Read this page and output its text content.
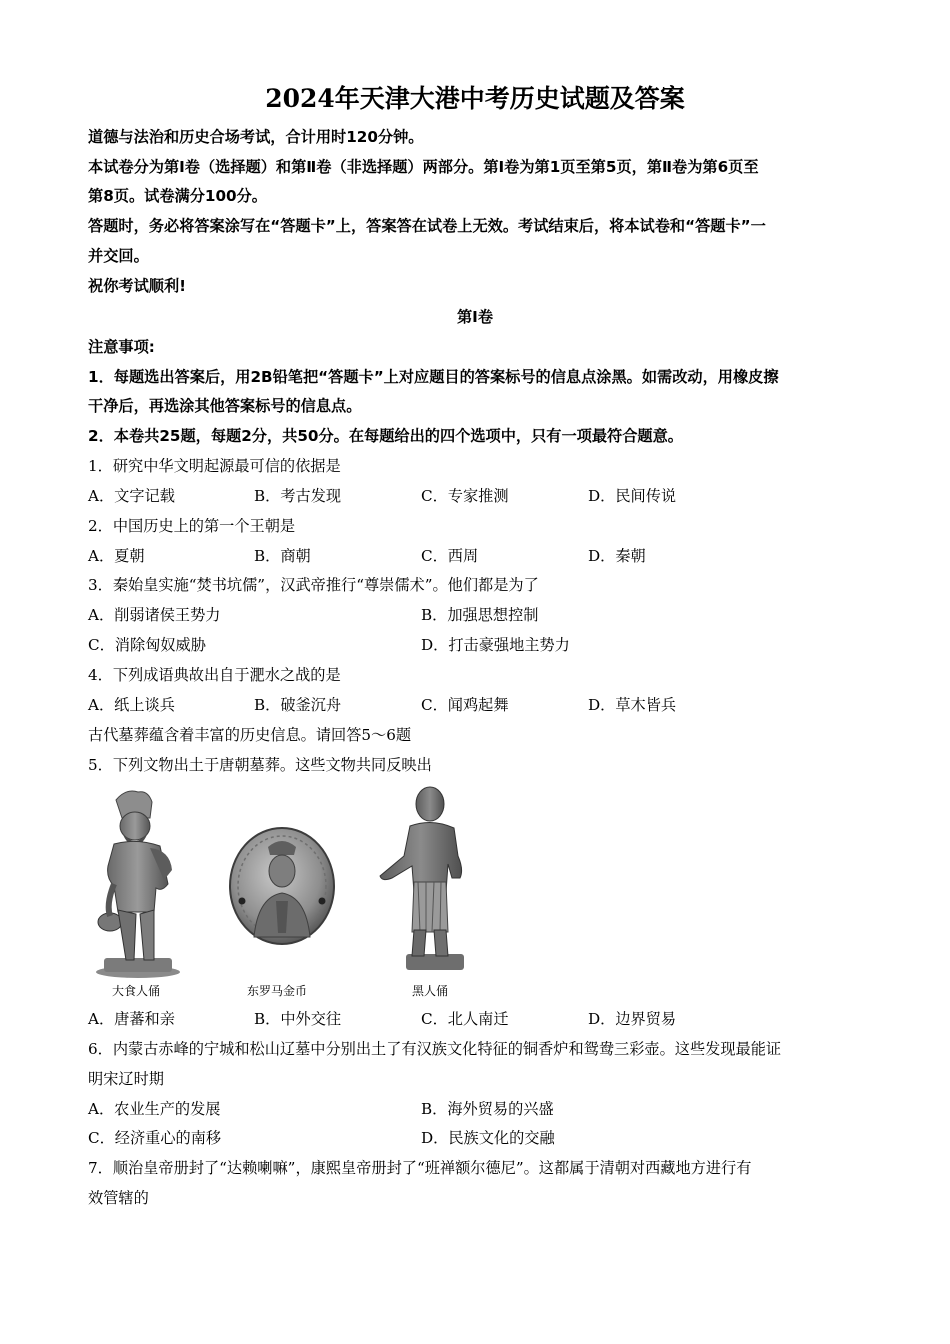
2024年天津大港中考历史试题及答案
道德与法治和历史合场考试，合计用时120分钟。
本试卷分为第Ⅰ卷（选择题）和第Ⅱ卷（非选择题）两部分。第Ⅰ卷为第1页至第5页，第Ⅱ卷为第6页至
第8页。试卷满分100分。
答题时，务必将答案涂写在“答题卡”上，答案答在试卷上无效。考试结束后，将本试卷和“答题卡”一
并交回。
祝你考试顺利!
第Ⅰ卷
注意事项:
1．每题选出答案后，用2B铅笔把“答题卡”上对应题目的答案标号的信息点涂黑。如需改动，用橡皮擦
干净后，再选涂其他答案标号的信息点。
2．本卷共25题，每题2分，共50分。在每题给出的四个选项中，只有一项最符合题意。
1．研究中华文明起源最可信的依据是
A．文字记载	B．考古发现	C．专家推测	D．民间传说
2．中国历史上的第一个王朝是
A．夏朝	B．商朝	C．西周	D．秦朝
3．秦始皇实施“焚书坑儒”，汉武帝推行“尊崇儒术”。他们都是为了
A．削弱诸侯王势力	B．加强思想控制
C．消除匈奴威胁	D．打击豪强地主势力
4．下列成语典故出自于淝水之战的是
A．纸上谈兵	B．破釜沉舟	C．闻鸡起舞	D．草木皆兵
古代墓葬蕴含着丰富的历史信息。请回答5～6题
5．下列文物出土于唐朝墓葬。这些文物共同反映出
大食人俑	东罗马金币	黑人俑
A．唐蕃和亲	B．中外交往	C．北人南迁	D．边界贸易
6．内蒙古赤峰的宁城和松山辽墓中分别出土了有汉族文化特征的铜香炉和鸳鸯三彩壶。这些发现最能证
明宋辽时期
A．农业生产的发展	B．海外贸易的兴盛
C．经济重心的南移	D．民族文化的交融
7．顺治皇帝册封了“达赖喇嘛”，康熙皇帝册封了“班禅额尔德尼”。这都属于清朝对西藏地方进行有
效管辖的
